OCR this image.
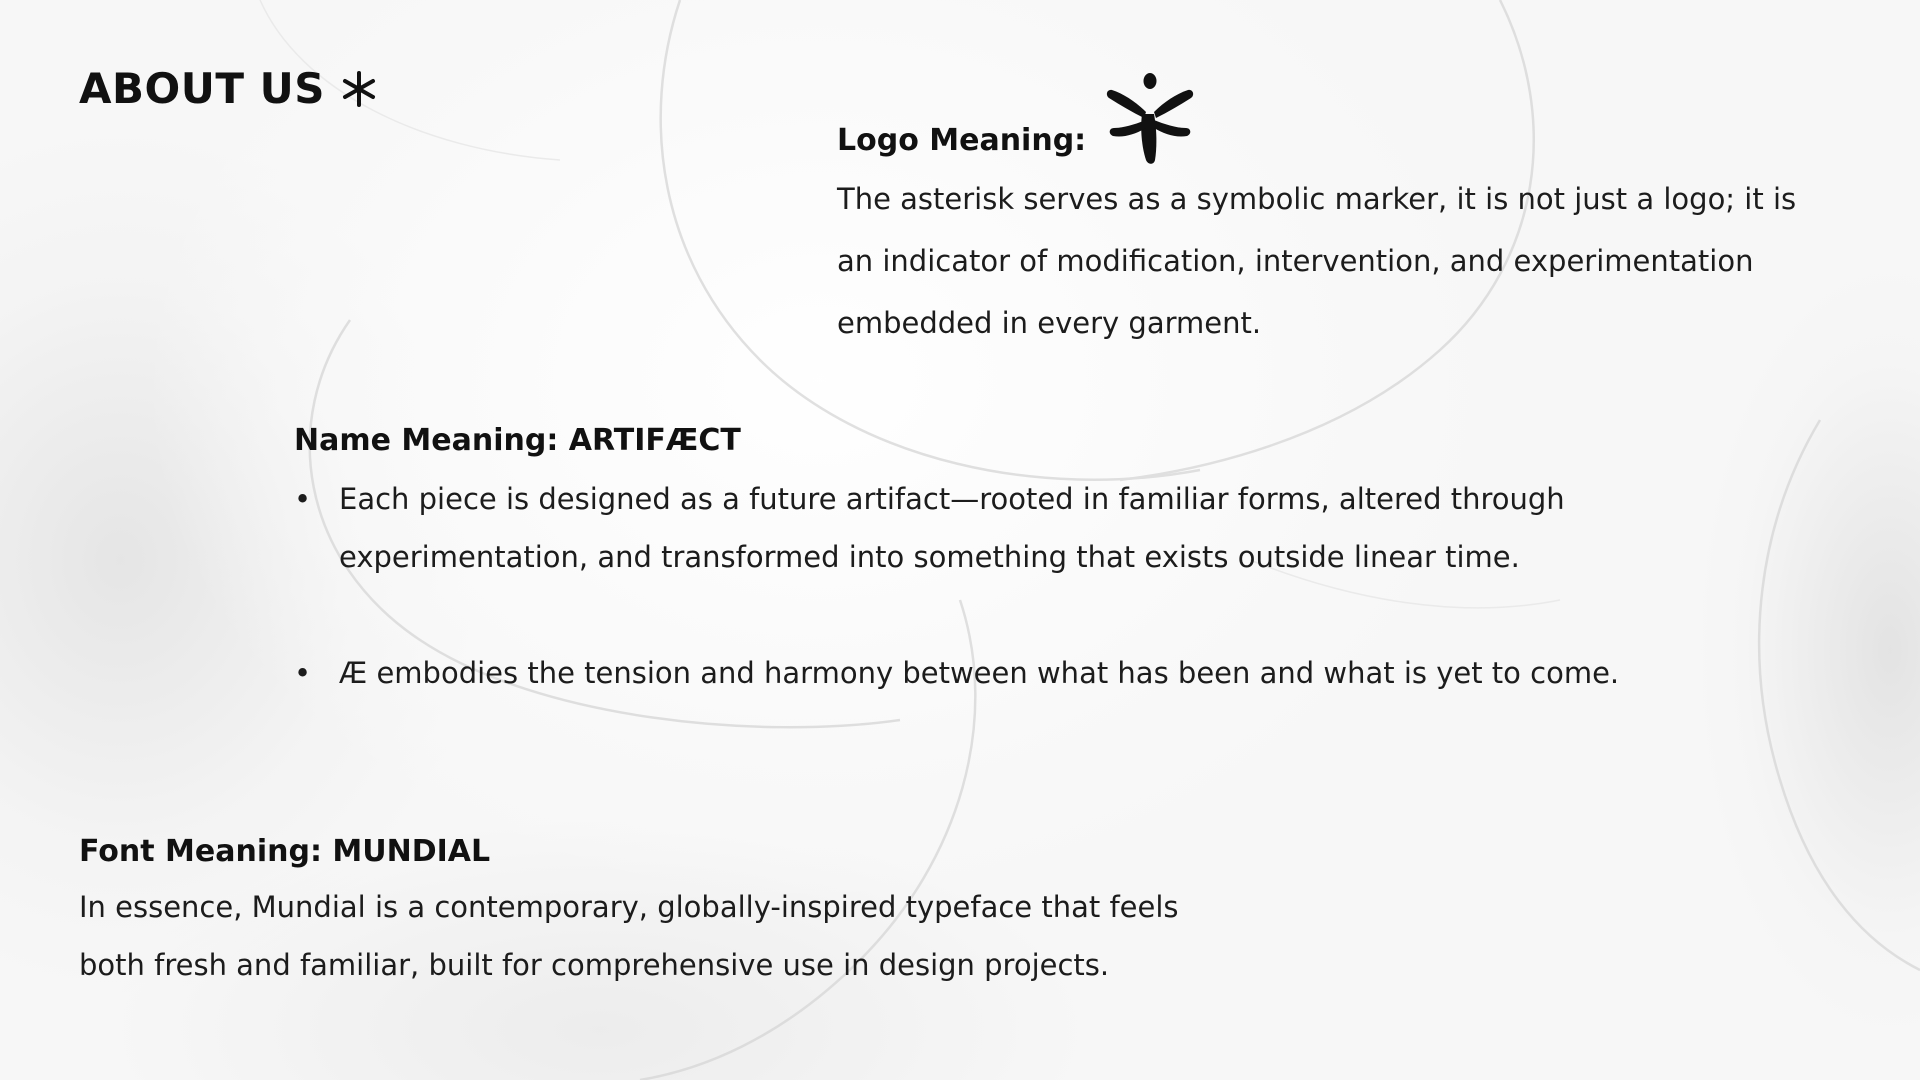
ABOUT US
Logo Meaning:

The asterisk serves as a symbolic marker, it is not just a logo; it is

an indicator of modification, intervention, and experimentation

embedded in every garment.

Name Meaning: ARTIFÆCT
• Each piece is designed as a future artifact—rooted in familiar forms, altered through
experimentation, and transformed into something that exists outside linear time.
• Æ embodies the tension and harmony between what has been and what is yet to come.
Font Meaning: MUNDIAL

In essence, Mundial is a contemporary, globally-inspired typeface that feels

both fresh and familiar, built for comprehensive use in design projects.
